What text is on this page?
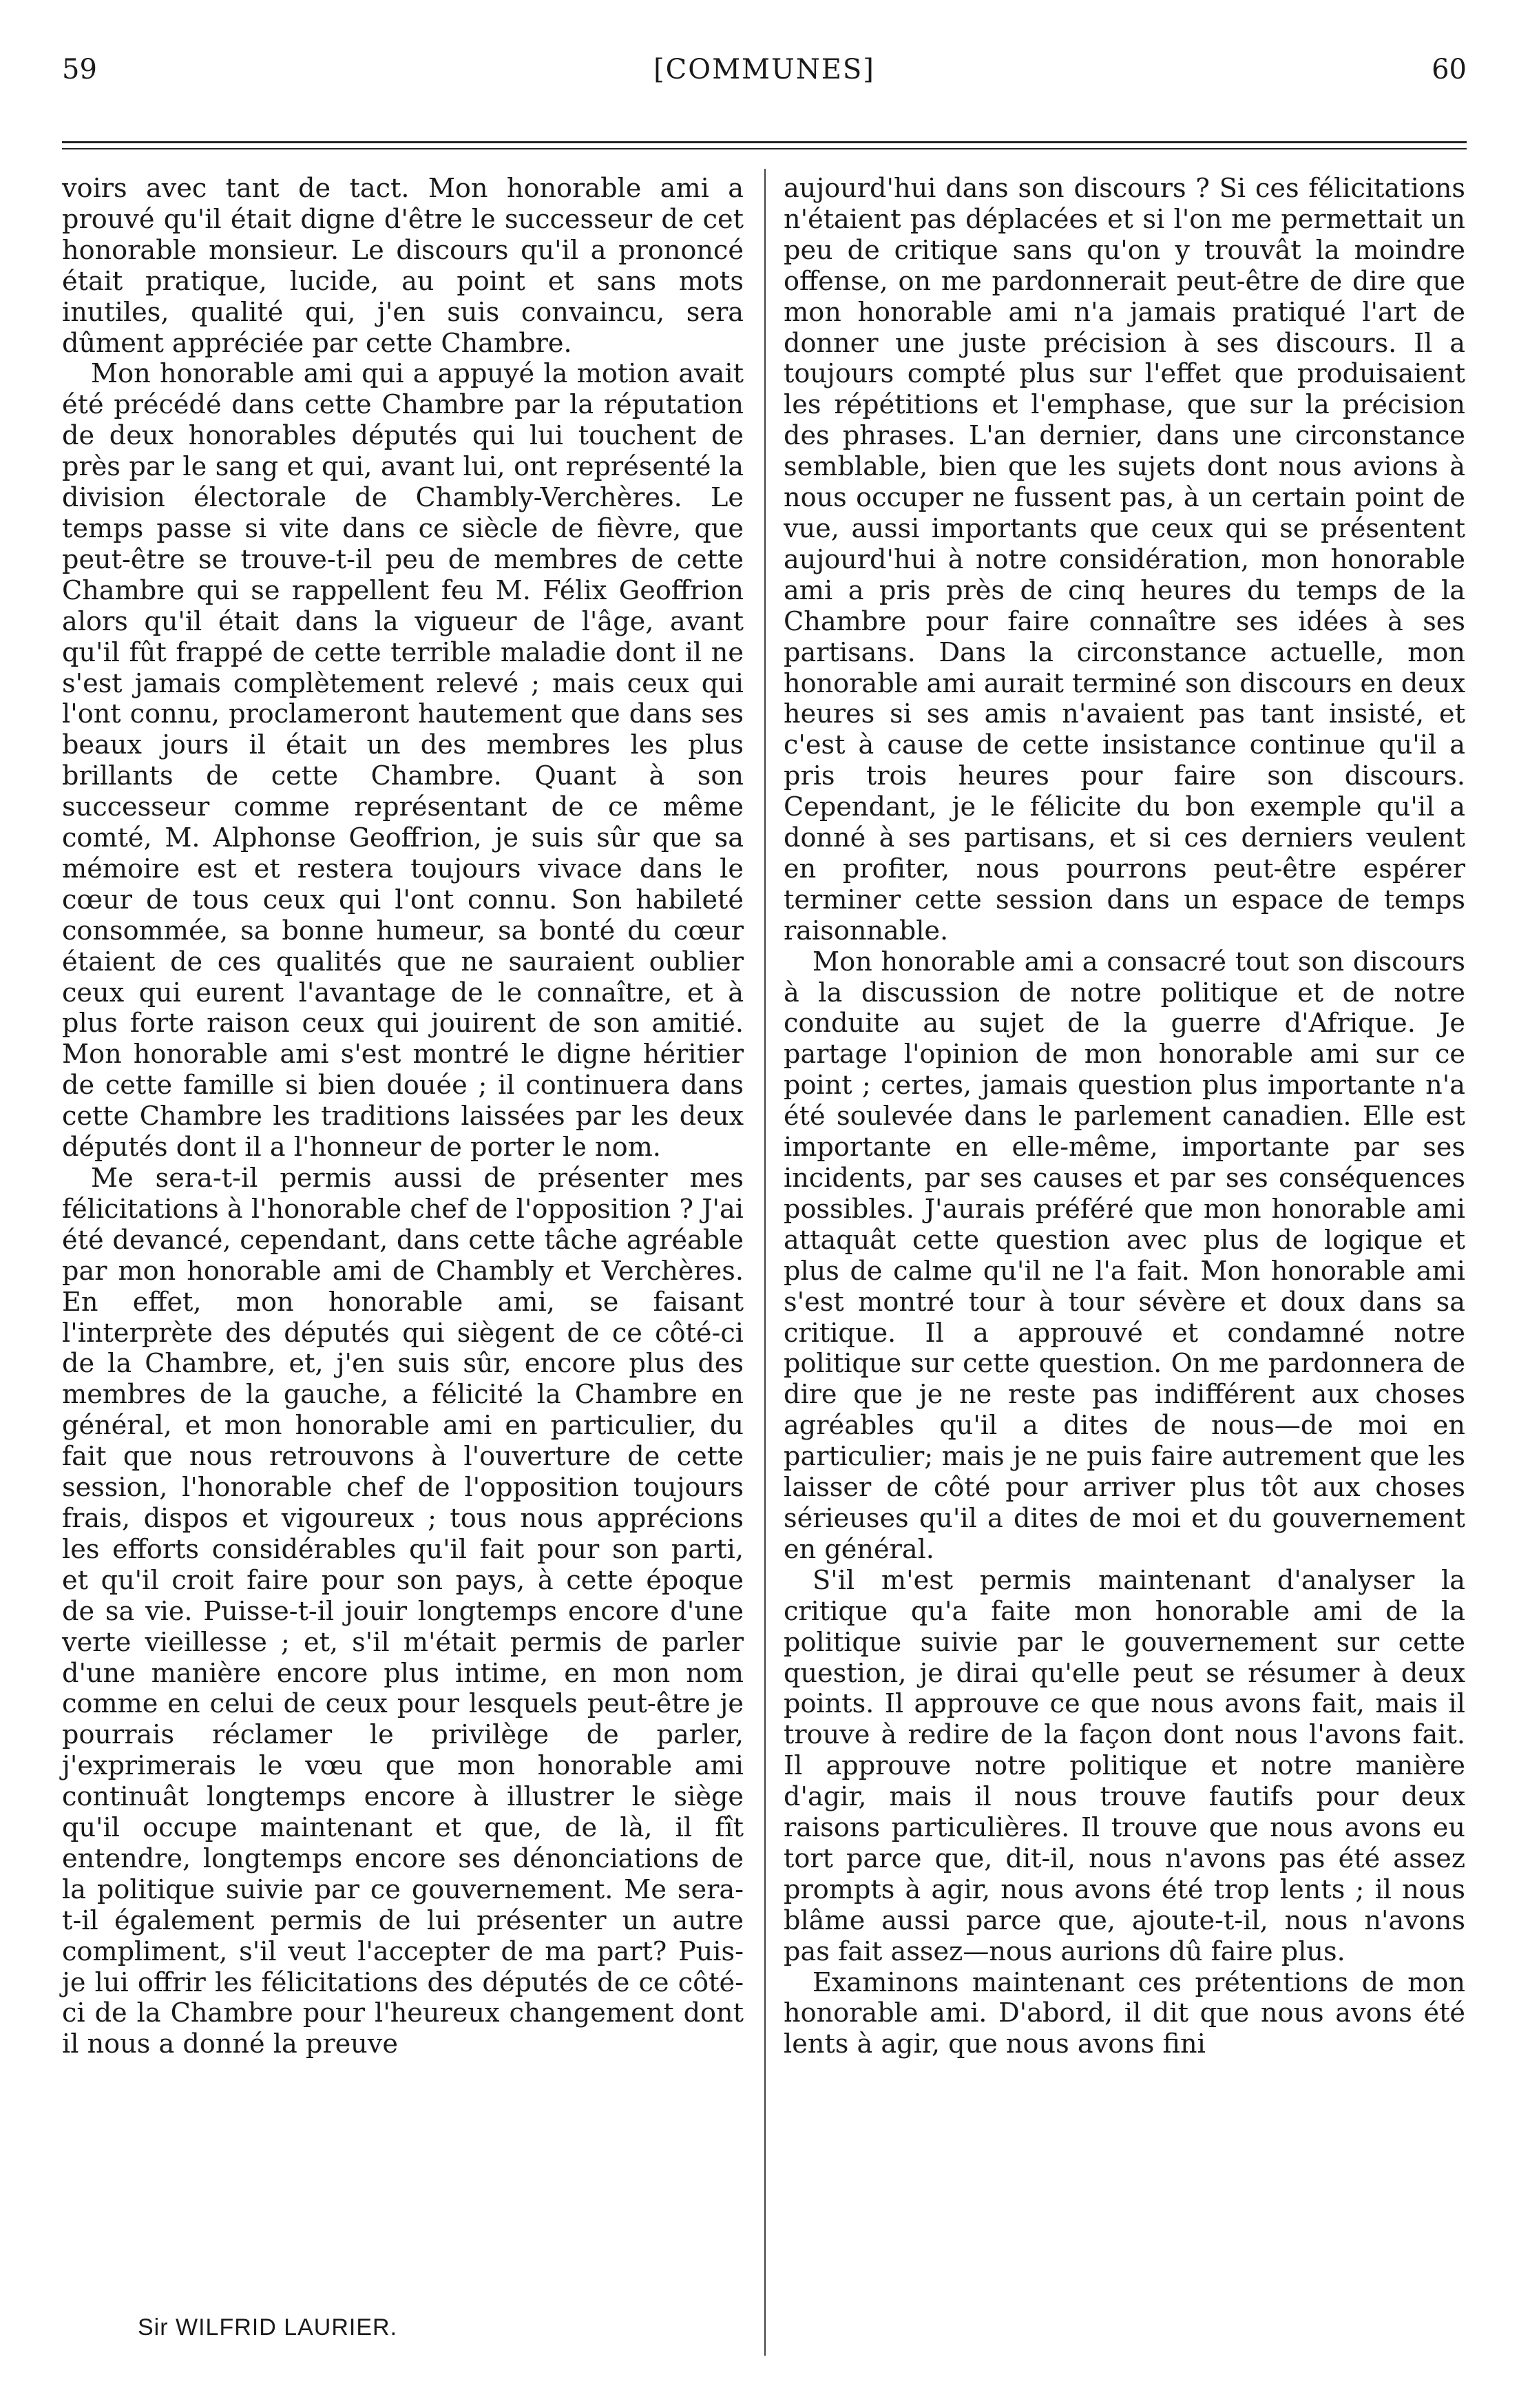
59	[COMMUNES]	60

voirs avec tant de tact. Mon honorable ami a prouvé qu'il était digne d'être le successeur de cet honorable monsieur. Le discours qu'il a prononcé était pratique, lucide, au point et sans mots inutiles, qualité qui, j'en suis convaincu, sera dûment appréciée par cette Chambre.

Mon honorable ami qui a appuyé la motion avait été précédé dans cette Chambre par la réputation de deux honorables députés qui lui touchent de près par le sang et qui, avant lui, ont représenté la division électorale de Chambly-Verchères. Le temps passe si vite dans ce siècle de fièvre, que peut-être se trouve-t-il peu de membres de cette Chambre qui se rappellent feu M. Félix Geoffrion alors qu'il était dans la vigueur de l'âge, avant qu'il fût frappé de cette terrible maladie dont il ne s'est jamais complètement relevé ; mais ceux qui l'ont connu, proclameront hautement que dans ses beaux jours il était un des membres les plus brillants de cette Chambre. Quant à son successeur comme représentant de ce même comté, M. Alphonse Geoffrion, je suis sûr que sa mémoire est et restera toujours vivace dans le cœur de tous ceux qui l'ont connu. Son habileté consommée, sa bonne humeur, sa bonté du cœur étaient de ces qualités que ne sauraient oublier ceux qui eurent l'avantage de le connaître, et à plus forte raison ceux qui jouirent de son amitié. Mon honorable ami s'est montré le digne héritier de cette famille si bien douée ; il continuera dans cette Chambre les traditions laissées par les deux députés dont il a l'honneur de porter le nom.

Me sera-t-il permis aussi de présenter mes félicitations à l'honorable chef de l'opposition ? J'ai été devancé, cependant, dans cette tâche agréable par mon honorable ami de Chambly et Verchères. En effet, mon honorable ami, se faisant l'interprète des députés qui siègent de ce côté-ci de la Chambre, et, j'en suis sûr, encore plus des membres de la gauche, a félicité la Chambre en général, et mon honorable ami en particulier, du fait que nous retrouvons à l'ouverture de cette session, l'honorable chef de l'opposition toujours frais, dispos et vigoureux ; tous nous apprécions les efforts considérables qu'il fait pour son parti, et qu'il croit faire pour son pays, à cette époque de sa vie. Puisse-t-il jouir longtemps encore d'une verte vieillesse ; et, s'il m'était permis de parler d'une manière encore plus intime, en mon nom comme en celui de ceux pour lesquels peut-être je pourrais réclamer le privilège de parler, j'exprimerais le vœu que mon honorable ami continuât longtemps encore à illustrer le siège qu'il occupe maintenant et que, de là, il fît entendre, longtemps encore ses dénonciations de la politique suivie par ce gouvernement. Me sera-t-il également permis de lui présenter un autre compliment, s'il veut l'accepter de ma part? Puis-je lui offrir les félicitations des députés de ce côté-ci de la Chambre pour l'heureux changement dont il nous a donné la preuve

aujourd'hui dans son discours ? Si ces félicitations n'étaient pas déplacées et si l'on me permettait un peu de critique sans qu'on y trouvât la moindre offense, on me pardonnerait peut-être de dire que mon honorable ami n'a jamais pratiqué l'art de donner une juste précision à ses discours. Il a toujours compté plus sur l'effet que produisaient les répétitions et l'emphase, que sur la précision des phrases. L'an dernier, dans une circonstance semblable, bien que les sujets dont nous avions à nous occuper ne fussent pas, à un certain point de vue, aussi importants que ceux qui se présentent aujourd'hui à notre considération, mon honorable ami a pris près de cinq heures du temps de la Chambre pour faire connaître ses idées à ses partisans. Dans la circonstance actuelle, mon honorable ami aurait terminé son discours en deux heures si ses amis n'avaient pas tant insisté, et c'est à cause de cette insistance continue qu'il a pris trois heures pour faire son discours. Cependant, je le félicite du bon exemple qu'il a donné à ses partisans, et si ces derniers veulent en profiter, nous pourrons peut-être espérer terminer cette session dans un espace de temps raisonnable.

Mon honorable ami a consacré tout son discours à la discussion de notre politique et de notre conduite au sujet de la guerre d'Afrique. Je partage l'opinion de mon honorable ami sur ce point ; certes, jamais question plus importante n'a été soulevée dans le parlement canadien. Elle est importante en elle-même, importante par ses incidents, par ses causes et par ses conséquences possibles. J'aurais préféré que mon honorable ami attaquât cette question avec plus de logique et plus de calme qu'il ne l'a fait. Mon honorable ami s'est montré tour à tour sévère et doux dans sa critique. Il a approuvé et condamné notre politique sur cette question. On me pardonnera de dire que je ne reste pas indifférent aux choses agréables qu'il a dites de nous—de moi en particulier; mais je ne puis faire autrement que les laisser de côté pour arriver plus tôt aux choses sérieuses qu'il a dites de moi et du gouvernement en général.

S'il m'est permis maintenant d'analyser la critique qu'a faite mon honorable ami de la politique suivie par le gouvernement sur cette question, je dirai qu'elle peut se résumer à deux points. Il approuve ce que nous avons fait, mais il trouve à redire de la façon dont nous l'avons fait. Il approuve notre politique et notre manière d'agir, mais il nous trouve fautifs pour deux raisons particulières. Il trouve que nous avons eu tort parce que, dit-il, nous n'avons pas été assez prompts à agir, nous avons été trop lents ; il nous blâme aussi parce que, ajoute-t-il, nous n'avons pas fait assez—nous aurions dû faire plus.

Examinons maintenant ces prétentions de mon honorable ami. D'abord, il dit que nous avons été lents à agir, que nous avons fini

Sir WILFRID LAURIER.
